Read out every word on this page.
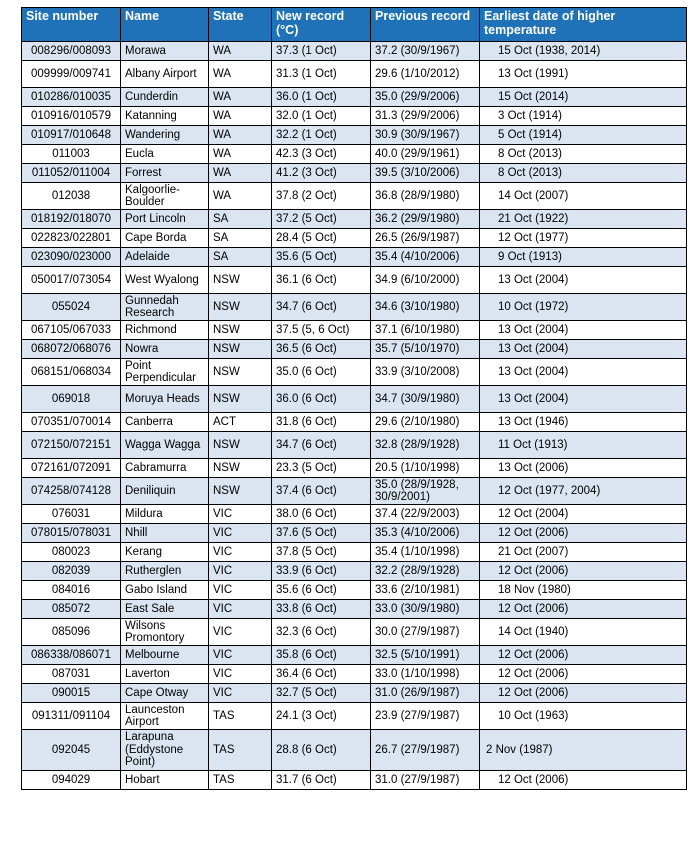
Site number	Name	State	New record (°C)	Previous record	Earliest date of higher temperature
008296/008093	Morawa	WA	37.3 (1 Oct)	37.2 (30/9/1967)	15 Oct (1938, 2014)
009999/009741	Albany Airport	WA	31.3 (1 Oct)	29.6 (1/10/2012)	13 Oct (1991)
010286/010035	Cunderdin	WA	36.0 (1 Oct)	35.0 (29/9/2006)	15 Oct (2014)
010916/010579	Katanning	WA	32.0 (1 Oct)	31.3 (29/9/2006)	3 Oct (1914)
010917/010648	Wandering	WA	32.2 (1 Oct)	30.9 (30/9/1967)	5 Oct (1914)
011003	Eucla	WA	42.3 (3 Oct)	40.0 (29/9/1961)	8 Oct (2013)
011052/011004	Forrest	WA	41.2 (3 Oct)	39.5 (3/10/2006)	8 Oct (2013)
012038	Kalgoorlie-Boulder	WA	37.8 (2 Oct)	36.8 (28/9/1980)	14 Oct (2007)
018192/018070	Port Lincoln	SA	37.2 (5 Oct)	36.2 (29/9/1980)	21 Oct (1922)
022823/022801	Cape Borda	SA	28.4 (5 Oct)	26.5 (26/9/1987)	12 Oct (1977)
023090/023000	Adelaide	SA	35.6 (5 Oct)	35.4 (4/10/2006)	9 Oct (1913)
050017/073054	West Wyalong	NSW	36.1 (6 Oct)	34.9 (6/10/2000)	13 Oct (2004)
055024	Gunnedah Research	NSW	34.7 (6 Oct)	34.6 (3/10/1980)	10 Oct (1972)
067105/067033	Richmond	NSW	37.5 (5, 6 Oct)	37.1 (6/10/1980)	13 Oct (2004)
068072/068076	Nowra	NSW	36.5 (6 Oct)	35.7 (5/10/1970)	13 Oct (2004)
068151/068034	Point Perpendicular	NSW	35.0 (6 Oct)	33.9 (3/10/2008)	13 Oct (2004)
069018	Moruya Heads	NSW	36.0 (6 Oct)	34.7 (30/9/1980)	13 Oct (2004)
070351/070014	Canberra	ACT	31.8 (6 Oct)	29.6 (2/10/1980)	13 Oct (1946)
072150/072151	Wagga Wagga	NSW	34.7 (6 Oct)	32.8 (28/9/1928)	11 Oct (1913)
072161/072091	Cabramurra	NSW	23.3 (5 Oct)	20.5 (1/10/1998)	13 Oct (2006)
074258/074128	Deniliquin	NSW	37.4 (6 Oct)	35.0 (28/9/1928, 30/9/2001)	12 Oct (1977, 2004)
076031	Mildura	VIC	38.0 (6 Oct)	37.4 (22/9/2003)	12 Oct (2004)
078015/078031	Nhill	VIC	37.6 (5 Oct)	35.3 (4/10/2006)	12 Oct (2006)
080023	Kerang	VIC	37.8 (5 Oct)	35.4 (1/10/1998)	21 Oct (2007)
082039	Rutherglen	VIC	33.9 (6 Oct)	32.2 (28/9/1928)	12 Oct (2006)
084016	Gabo Island	VIC	35.6 (6 Oct)	33.6 (2/10/1981)	18 Nov (1980)
085072	East Sale	VIC	33.8 (6 Oct)	33.0 (30/9/1980)	12 Oct (2006)
085096	Wilsons Promontory	VIC	32.3 (6 Oct)	30.0 (27/9/1987)	14 Oct (1940)
086338/086071	Melbourne	VIC	35.8 (6 Oct)	32.5 (5/10/1991)	12 Oct (2006)
087031	Laverton	VIC	36.4 (6 Oct)	33.0 (1/10/1998)	12 Oct (2006)
090015	Cape Otway	VIC	32.7 (5 Oct)	31.0 (26/9/1987)	12 Oct (2006)
091311/091104	Launceston Airport	TAS	24.1 (3 Oct)	23.9 (27/9/1987)	10 Oct (1963)
092045	Larapuna (Eddystone Point)	TAS	28.8 (6 Oct)	26.7 (27/9/1987)	2 Nov (1987)
094029	Hobart	TAS	31.7 (6 Oct)	31.0 (27/9/1987)	12 Oct (2006)
